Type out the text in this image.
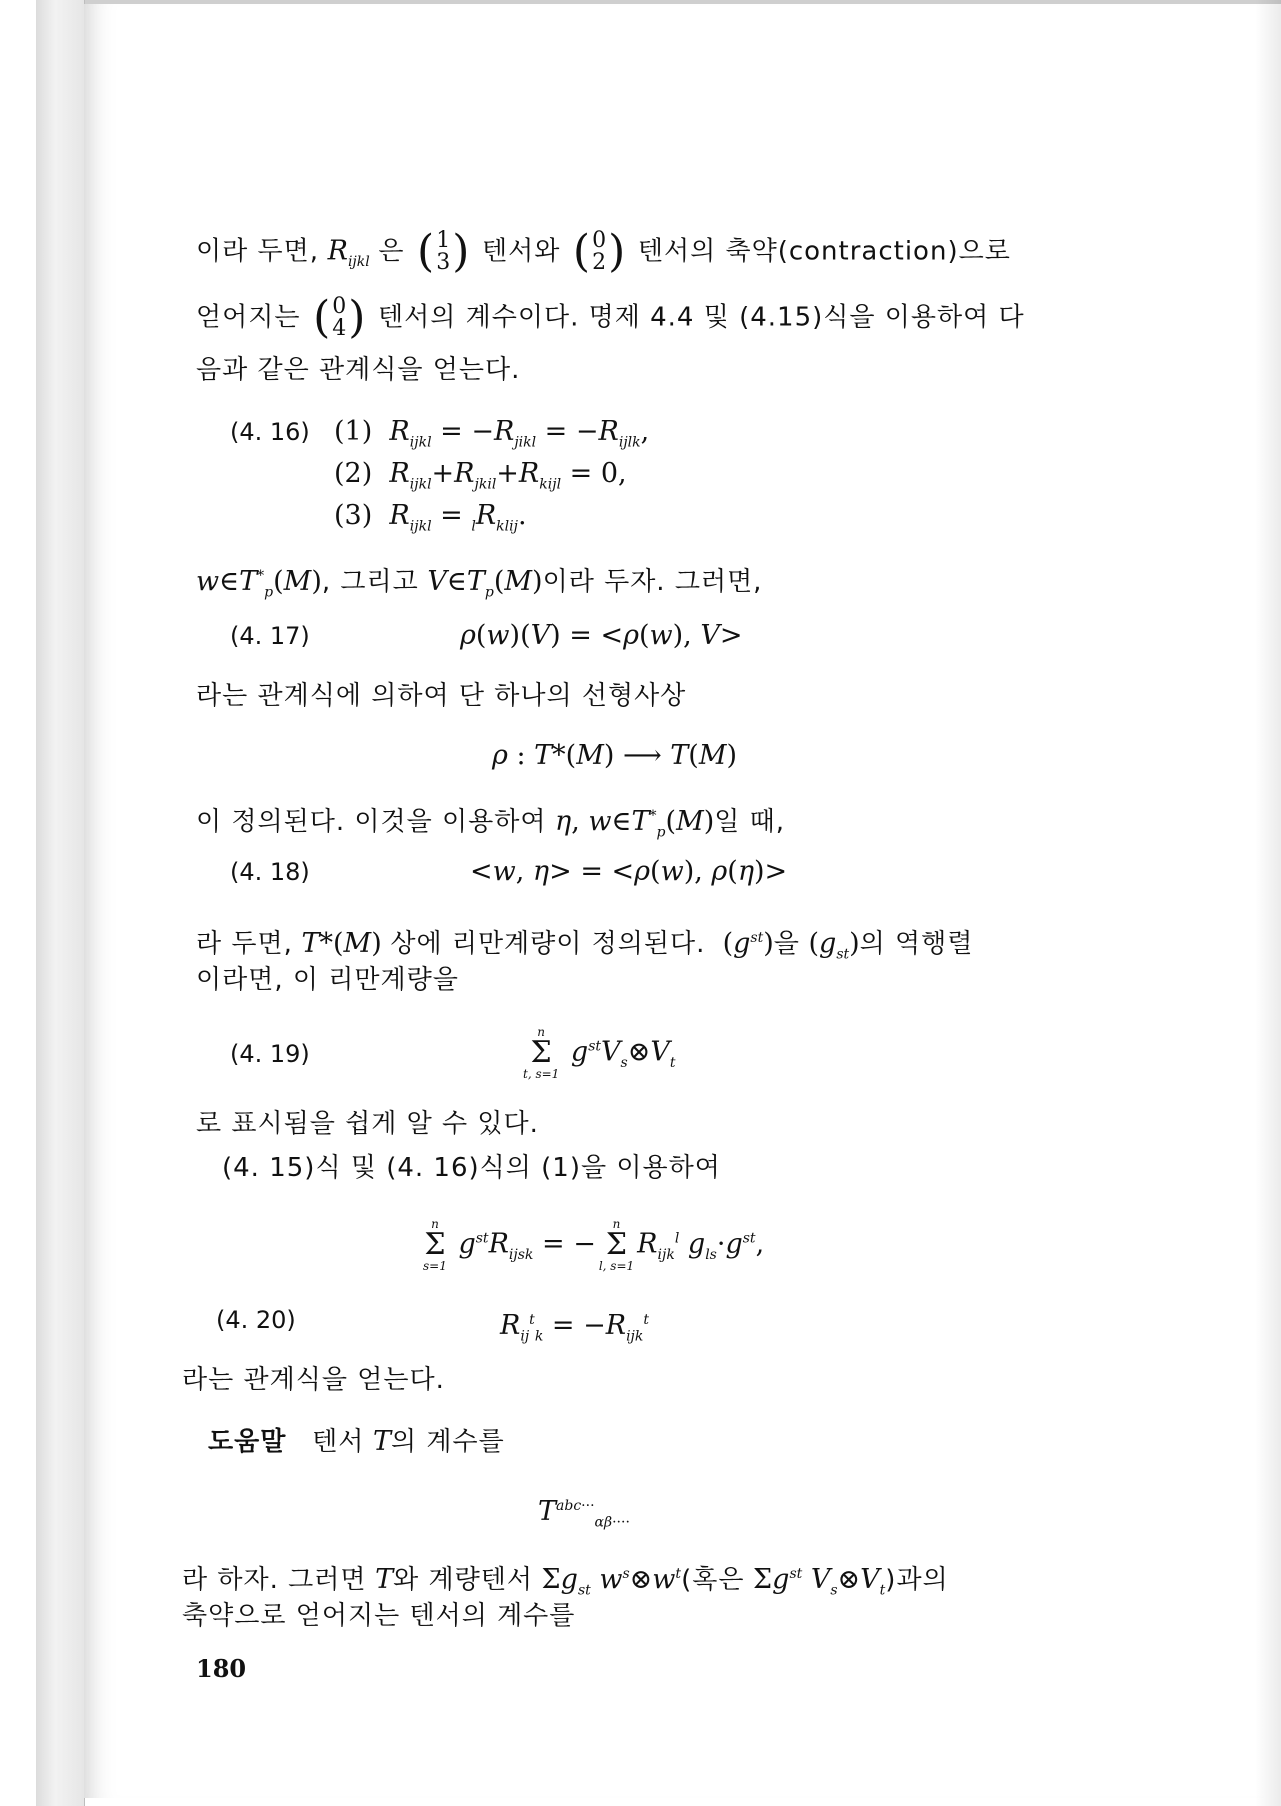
이라 두면, $R_{ijkl}$ 은 ( 1
3 ) 텐서와 ( 0
2 ) 텐서의 축약(contraction)으로
얻어지는 ( 0
4 ) 텐서의 계수이다. 명제 4.4 및 (4.15)식을 이용하여 다
음과 같은 관계식을 얻는다.
(4. 16) (1) $R_{ijkl} = -R_{jikl} = -R_{ijlk}$,
(2) $R_{ijkl}+R_{jkil}+R_{kijl} = 0$,
(3) $R_{ijkl} = _lR_{klij}$.
$w\in T^*_p(M)$, 그리고 $V\in T_p(M)$이라 두자. 그러면,
(4. 17)	ρ(w)(V) = <ρ(w), V>
라는 관계식에 의하여 단 하나의 선형사상
ρ : T*(M) ⟶ T(M)
이 정의된다. 이것을 이용하여 η, $w\in T^*_p(M)$일 때,
(4. 18)	<w, η> = <ρ(w), ρ(η)>
라 두면, T*(M) 상에 리만계량이 정의된다.  $(g^{st})$을 $(g_{st})$의 역행렬
이라면, 이 리만계량을
(4. 19)
n
Σ
t, s=1
$g^{st}V_s\otimes V_t$
로 표시됨을 쉽게 알 수 있다.
(4. 15)식 및 (4. 16)식의 (1)을 이용하여
n
Σ
s=1
$g^{st}R_{ijsk}$ = −
n
Σ
l, s=1
$R_{ijk}^l$ $g_{ls}\cdot g^{st}$,
(4. 20)	$R_{ij}^t_k = -R_{ijk}^t$
라는 관계식을 얻는다.
도움말 텐서 T의 계수를
$T^{abc\cdot\cdot\cdot}_{\alpha\beta\cdot\cdot\cdot\cdot}$
라 하자. 그러면 T와 계량텐서 $\Sigma g_{st}$ $w^s\otimes w^t$(혹은 $\Sigma g^{st}$ $V_s\otimes V_t$)과의
축약으로 얻어지는 텐서의 계수를
180
